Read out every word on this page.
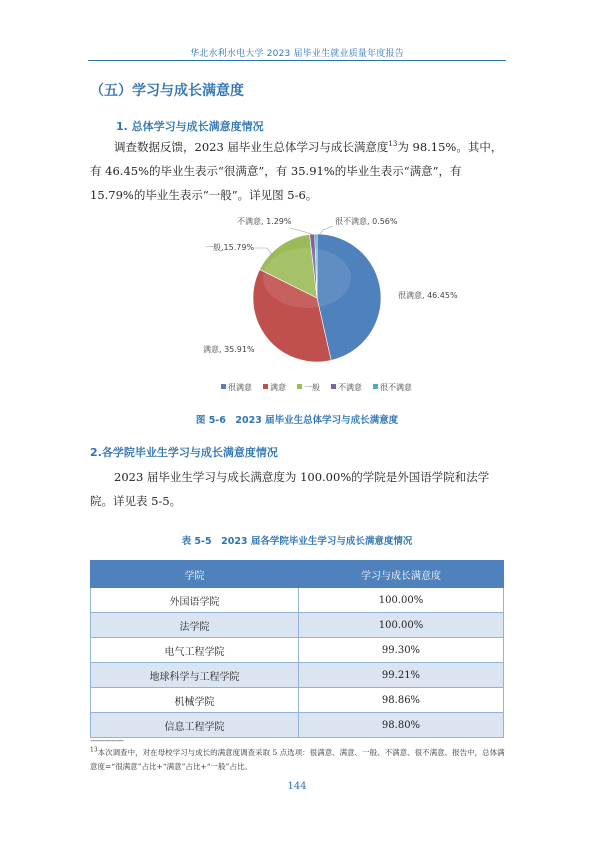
华北水利水电大学 2023 届毕业生就业质量年度报告
（五）学习与成长满意度
1. 总体学习与成长满意度情况
调查数据反馈，2023 届毕业生总体学习与成长满意度$^{13}$为 98.15%。其中，有 46.45%的毕业生表示“很满意”，有 35.91%的毕业生表示“满意”，有 15.79%的毕业生表示“一般”。详见图 5-6。
很满意, 46.45%
满意, 35.91%
一般,15.79%
不满意, 1.29%	很不满意, 0.56%
很满意 满意 一般 不满意 很不满意
图 5-6　2023 届毕业生总体学习与成长满意度
2.各学院毕业生学习与成长满意度情况
2023 届毕业生学习与成长满意度为 100.00%的学院是外国语学院和法学院。详见表 5-5。
表 5-5　2023 届各学院毕业生学习与成长满意度情况
学院	学习与成长满意度
外国语学院	100.00%
法学院	100.00%
电气工程学院	99.30%
地球科学与工程学院	99.21%
机械学院	98.86%
信息工程学院	98.80%
--------------
$^{13}$本次调查中，对在母校学习与成长的满意度调查采取 5 点选项：很满意、满意、一般、不满意、很不满意。报告中，总体满意度=“很满意”占比+“满意”占比+“一般”占比。
144
